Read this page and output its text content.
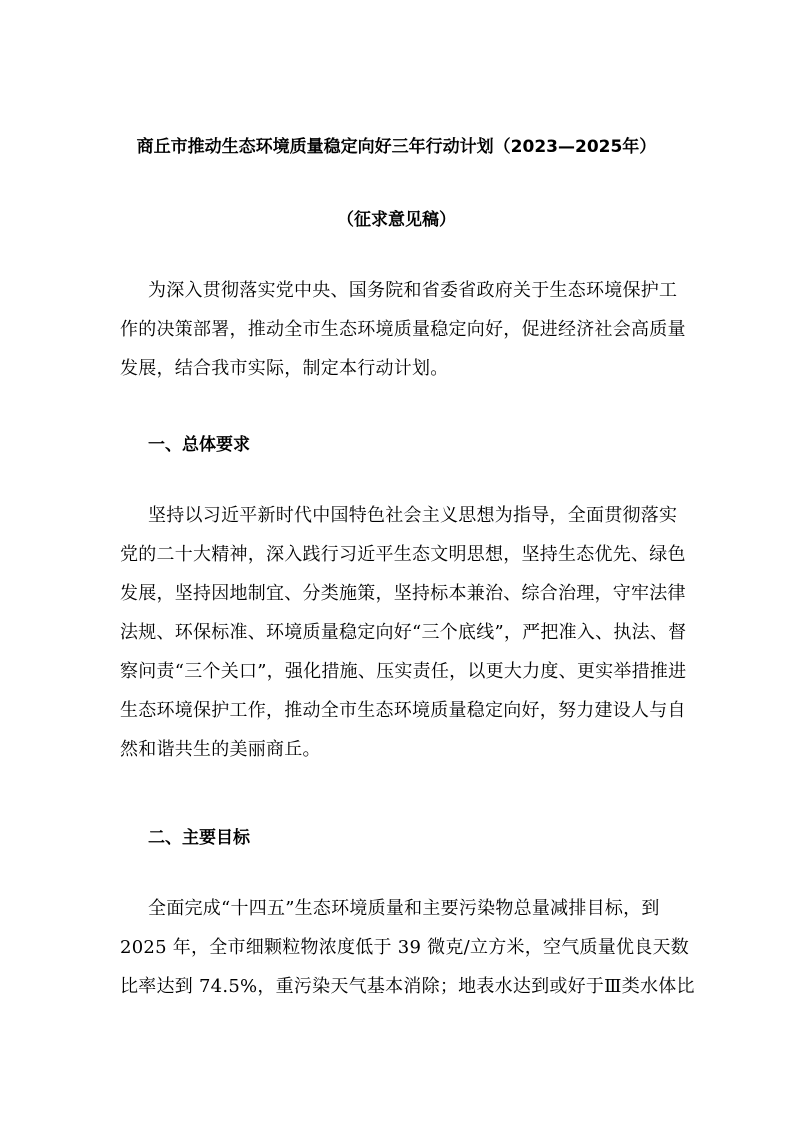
商丘市推动生态环境质量稳定向好三年行动计划（2023—2025年）
（征求意见稿）
为深入贯彻落实党中央、国务院和省委省政府关于生态环境保护工
作的决策部署，推动全市生态环境质量稳定向好，促进经济社会高质量
发展，结合我市实际，制定本行动计划。
一、总体要求
坚持以习近平新时代中国特色社会主义思想为指导，全面贯彻落实
党的二十大精神，深入践行习近平生态文明思想，坚持生态优先、绿色
发展，坚持因地制宜、分类施策，坚持标本兼治、综合治理，守牢法律
法规、环保标准、环境质量稳定向好“三个底线”，严把准入、执法、督
察问责“三个关口”，强化措施、压实责任，以更大力度、更实举措推进
生态环境保护工作，推动全市生态环境质量稳定向好，努力建设人与自
然和谐共生的美丽商丘。
二、主要目标
全面完成“十四五”生态环境质量和主要污染物总量减排目标，到
2025 年，全市细颗粒物浓度低于 39 微克/立方米，空气质量优良天数
比率达到 74.5%，重污染天气基本消除；地表水达到或好于Ⅲ类水体比
